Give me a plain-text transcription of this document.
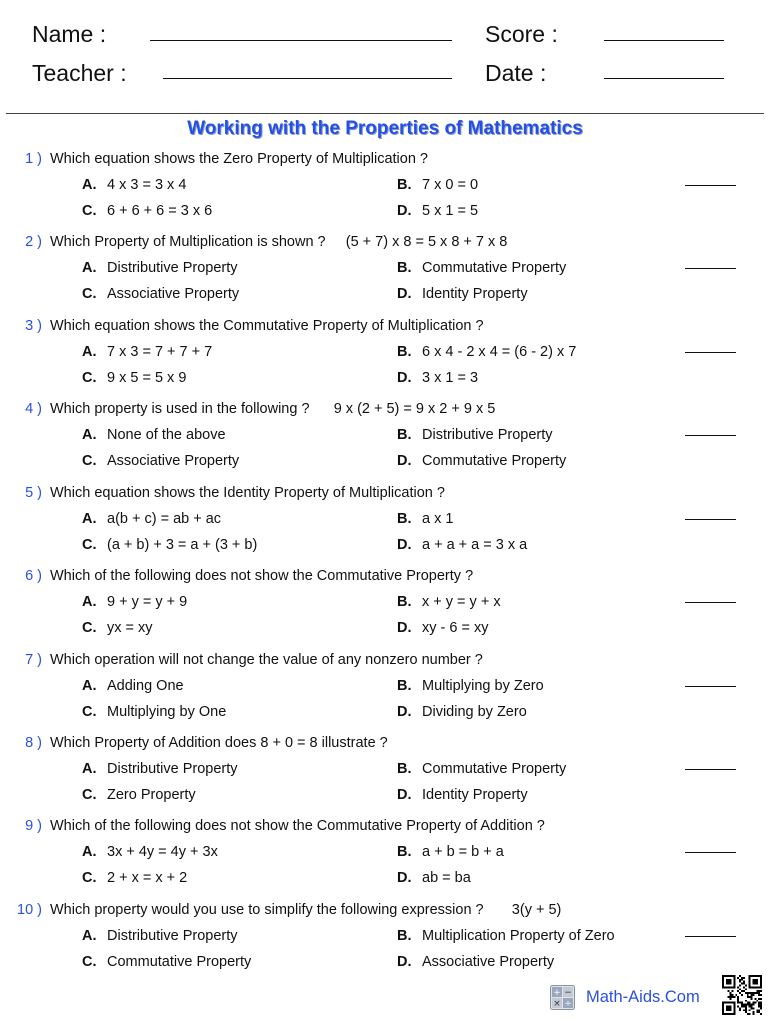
Name :
Teacher :
Score :
Date :
Working with the Properties of Mathematics
1 ) Which equation shows the Zero Property of Multiplication ?
A. 4 x 3 = 3 x 4	B. 7 x 0 = 0
C. 6 + 6 + 6 = 3 x 6	D. 5 x 1 = 5
2 ) Which Property of Multiplication is shown ?     (5 + 7) x 8 = 5 x 8 + 7 x 8
A. Distributive Property	B. Commutative Property
C. Associative Property	D. Identity Property
3 ) Which equation shows the Commutative Property of Multiplication ?
A. 7 x 3 = 7 + 7 + 7	B. 6 x 4 - 2 x 4 = (6 - 2) x 7
C. 9 x 5 = 5 x 9	D. 3 x 1 = 3
4 ) Which property is used in the following ?      9 x (2 + 5) = 9 x 2 + 9 x 5
A. None of the above	B. Distributive Property
C. Associative Property	D. Commutative Property
5 ) Which equation shows the Identity Property of Multiplication ?
A. a(b + c) = ab + ac	B. a x 1
C. (a + b) + 3 = a + (3 + b)	D. a + a + a = 3 x a
6 ) Which of the following does not show the Commutative Property ?
A. 9 + y = y + 9	B. x + y = y + x
C. yx = xy	D. xy - 6 = xy
7 ) Which operation will not change the value of any nonzero number ?
A. Adding One	B. Multiplying by Zero
C. Multiplying by One	D. Dividing by Zero
8 ) Which Property of Addition does 8 + 0 = 8 illustrate ?
A. Distributive Property	B. Commutative Property
C. Zero Property	D. Identity Property
9 ) Which of the following does not show the Commutative Property of Addition ?
A. 3x + 4y = 4y + 3x	B. a + b = b + a
C. 2 + x = x + 2	D. ab = ba
10 ) Which property would you use to simplify the following expression ?       3(y + 5)
A. Distributive Property	B. Multiplication Property of Zero
C. Commutative Property	D. Associative Property
+ −
× ÷ Math-Aids.Com
